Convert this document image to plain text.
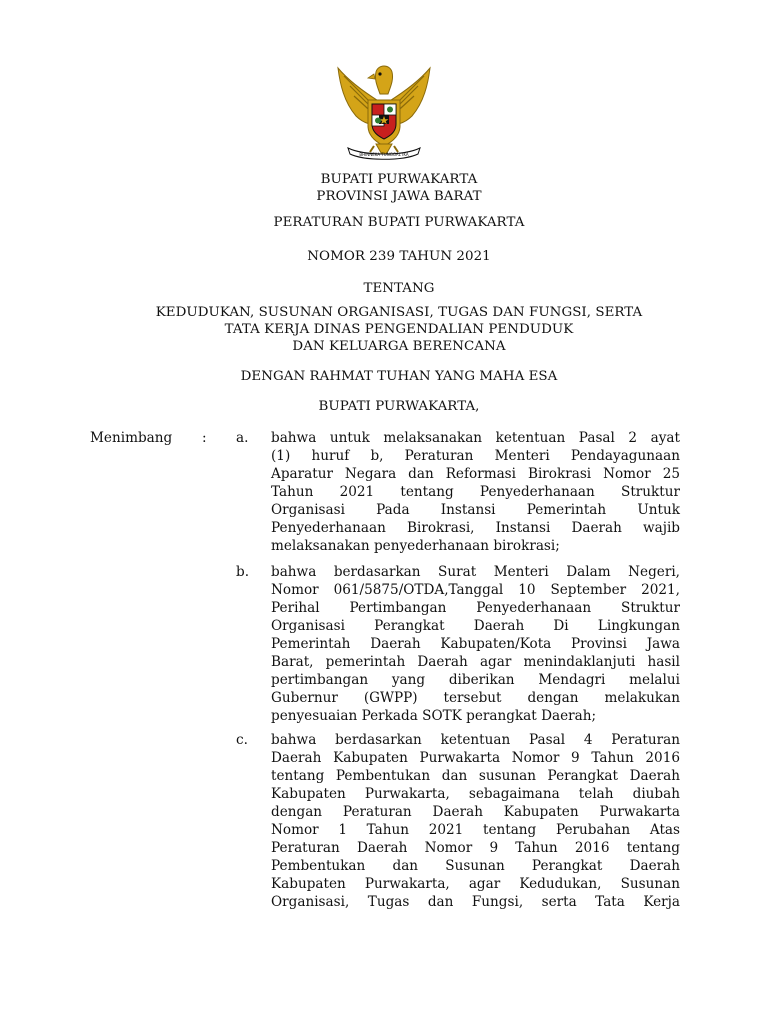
BHINNEKA TUNGGAL IKA
BUPATI PURWAKARTA
PROVINSI JAWA BARAT
PERATURAN BUPATI PURWAKARTA
NOMOR 239 TAHUN 2021
TENTANG
KEDUDUKAN, SUSUNAN ORGANISASI, TUGAS DAN FUNGSI, SERTA
TATA KERJA DINAS PENGENDALIAN PENDUDUK
DAN KELUARGA BERENCANA
DENGAN RAHMAT TUHAN YANG MAHA ESA
BUPATI PURWAKARTA,
Menimbang : a. bahwa untuk melaksanakan ketentuan Pasal 2 ayat
(1) huruf b, Peraturan Menteri Pendayagunaan
Aparatur Negara dan Reformasi Birokrasi Nomor 25
Tahun 2021 tentang Penyederhanaan Struktur
Organisasi Pada Instansi Pemerintah Untuk
Penyederhanaan Birokrasi, Instansi Daerah wajib
melaksanakan penyederhanaan birokrasi;
b. bahwa berdasarkan Surat Menteri Dalam Negeri,
Nomor 061/5875/OTDA,Tanggal 10 September 2021,
Perihal Pertimbangan Penyederhanaan Struktur
Organisasi Perangkat Daerah Di Lingkungan
Pemerintah Daerah Kabupaten/Kota Provinsi Jawa
Barat, pemerintah Daerah agar menindaklanjuti hasil
pertimbangan yang diberikan Mendagri melalui
Gubernur (GWPP) tersebut dengan melakukan
penyesuaian Perkada SOTK perangkat Daerah;
c. bahwa berdasarkan ketentuan Pasal 4 Peraturan
Daerah Kabupaten Purwakarta Nomor 9 Tahun 2016
tentang Pembentukan dan susunan Perangkat Daerah
Kabupaten Purwakarta, sebagaimana telah diubah
dengan Peraturan Daerah Kabupaten Purwakarta
Nomor 1 Tahun 2021 tentang Perubahan Atas
Peraturan Daerah Nomor 9 Tahun 2016 tentang
Pembentukan dan Susunan Perangkat Daerah
Kabupaten Purwakarta, agar Kedudukan, Susunan
Organisasi, Tugas dan Fungsi, serta Tata Kerja
